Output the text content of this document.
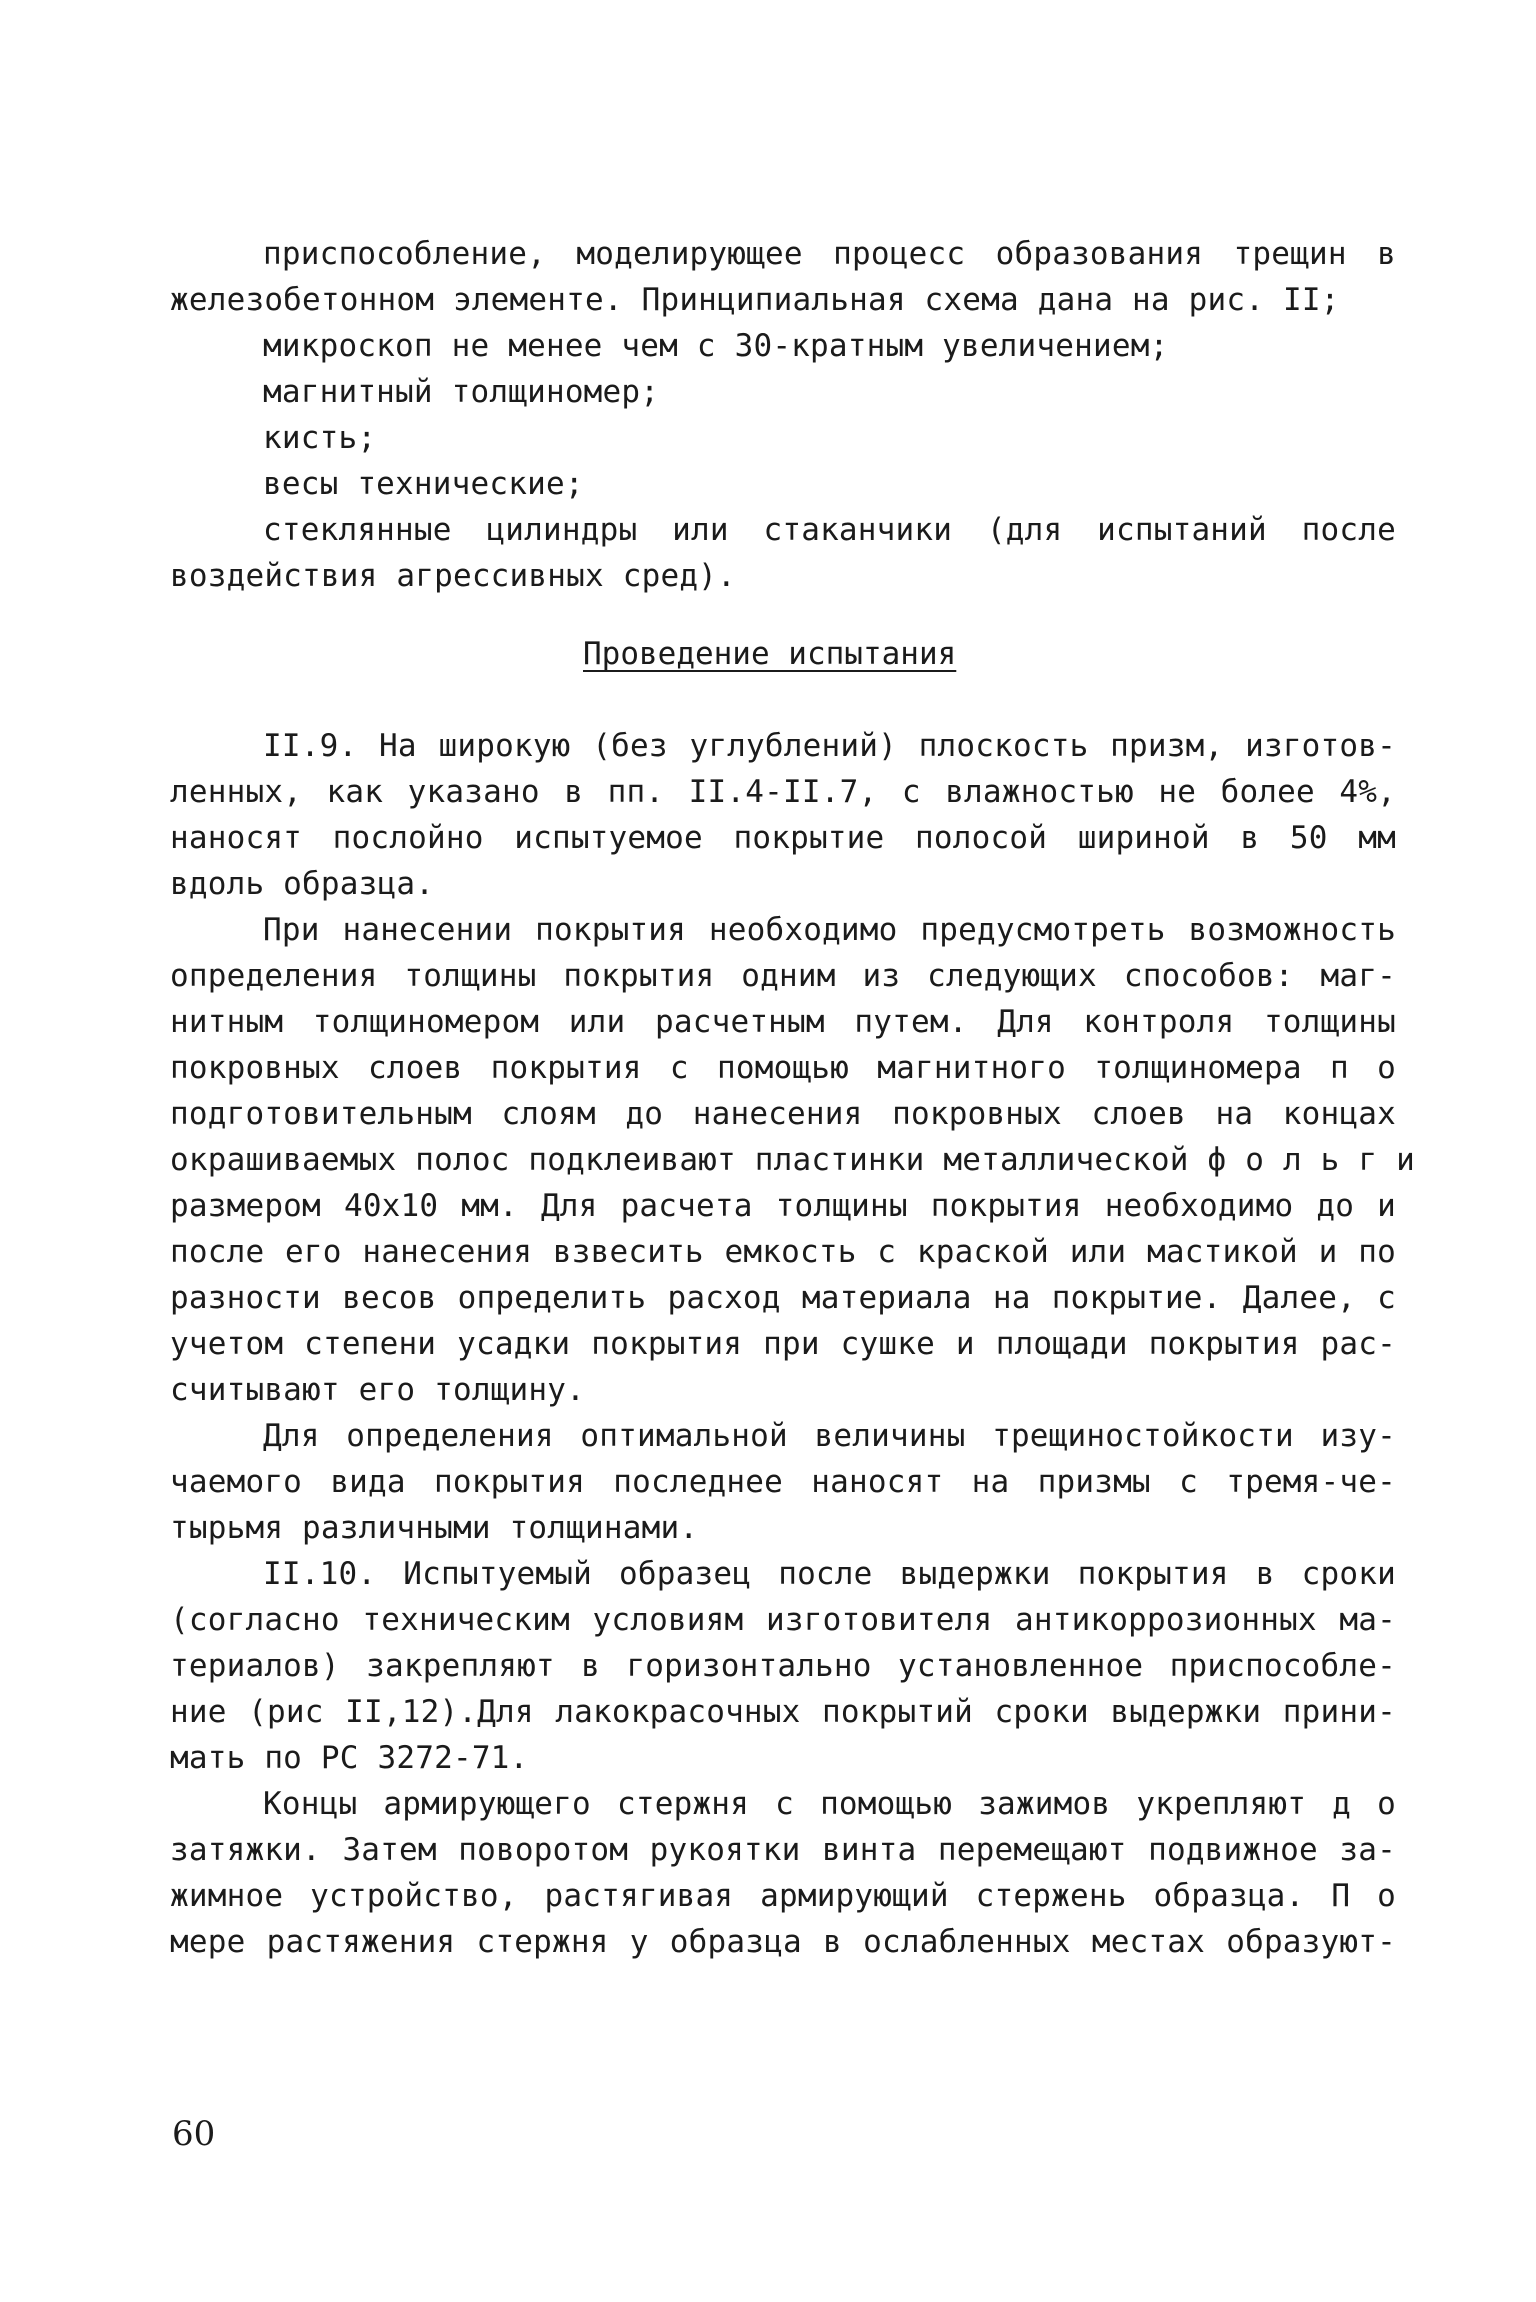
приспособление, моделирующее процесс образования трещин в
железобетонном элементе. Принципиальная схема дана на рис. II;
микроскоп не менее чем с 30-кратным увеличением;
магнитный толщиномер;
кисть;
весы технические;
стеклянные цилиндры или стаканчики (для испытаний после
воздействия агрессивных сред).
Проведение испытания
II.9. На широкую (без углублений) плоскость призм, изготов-
ленных, как указано в пп. II.4-II.7, с влажностью не более 4%,
наносят послойно испытуемое покрытие полосой шириной в 50 мм
вдоль образца.
При нанесении покрытия необходимо предусмотреть возможность
определения толщины покрытия одним из следующих способов: маг-
нитным толщиномером или расчетным путем. Для контроля толщины
покровных слоев покрытия с помощью магнитного толщиномера п о
подготовительным слоям до нанесения покровных слоев на концах
окрашиваемых полос подклеивают пластинки металлической ф о л ь г и
размером 40х10 мм. Для расчета толщины покрытия необходимо до и
после его нанесения взвесить емкость с краской или мастикой и по
разности весов определить расход материала на покрытие. Далее, с
учетом степени усадки покрытия при сушке и площади покрытия рас-
считывают его толщину.
Для определения оптимальной величины трещиностойкости изу-
чаемого вида покрытия последнее наносят на призмы с тремя-че-
тырьмя различными толщинами.
II.10. Испытуемый образец после выдержки покрытия в сроки
(согласно техническим условиям изготовителя антикоррозионных ма-
териалов) закрепляют в горизонтально установленное приспособле-
ние (рис II,12).Для лакокрасочных покрытий сроки выдержки прини-
мать по РС 3272-71.
Концы армирующего стержня с помощью зажимов укрепляют д о
затяжки. Затем поворотом рукоятки винта перемещают подвижное за-
жимное устройство, растягивая армирующий стержень образца. П о
мере растяжения стержня у образца в ослабленных местах образуют-
60
